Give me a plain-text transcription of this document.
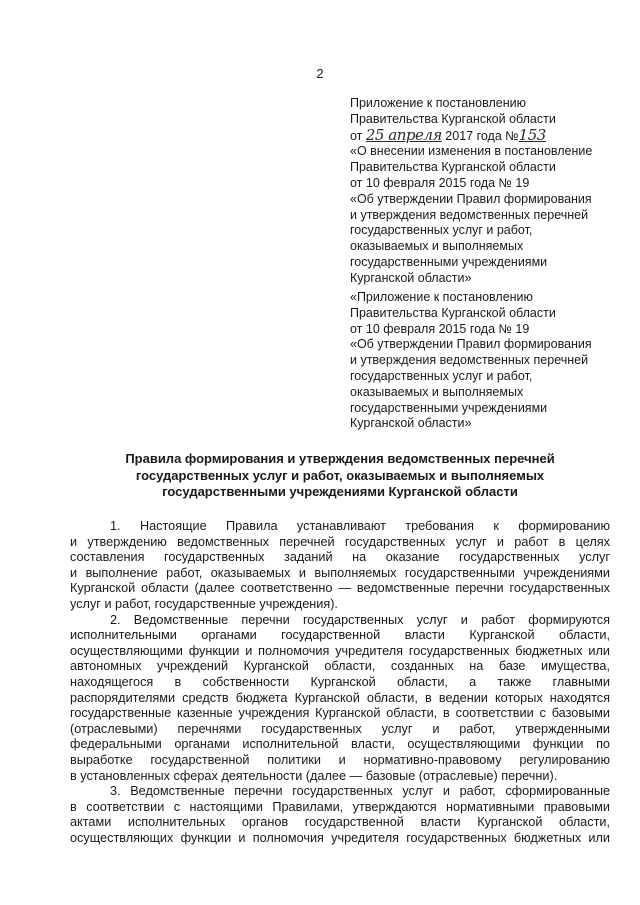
2
Приложение к постановлению
Правительства Курганской области
от 25 апреля 2017 года №153
«О внесении изменения в постановление
Правительства Курганской области
от 10 февраля 2015 года № 19
«Об утверждении Правил формирования
и утверждения ведомственных перечней
государственных услуг и работ,
оказываемых и выполняемых
государственными учреждениями
Курганской области»
«Приложение к постановлению
Правительства Курганской области
от 10 февраля 2015 года № 19
«Об утверждении Правил формирования
и утверждения ведомственных перечней
государственных услуг и работ,
оказываемых и выполняемых
государственными учреждениями
Курганской области»
Правила формирования и утверждения ведомственных перечней
государственных услуг и работ, оказываемых и выполняемых
государственными учреждениями Курганской области
1. Настоящие Правила устанавливают требования к формированию
и утверждению ведомственных перечней государственных услуг и работ в целях
составления государственных заданий на оказание государственных услуг
и выполнение работ, оказываемых и выполняемых государственными учреждениями
Курганской области (далее соответственно — ведомственные перечни государственных
услуг и работ, государственные учреждения).
2. Ведомственные перечни государственных услуг и работ формируются
исполнительными органами государственной власти Курганской области,
осуществляющими функции и полномочия учредителя государственных бюджетных или
автономных учреждений Курганской области, созданных на базе имущества,
находящегося в собственности Курганской области, а также главными
распорядителями средств бюджета Курганской области, в ведении которых находятся
государственные казенные учреждения Курганской области, в соответствии с базовыми
(отраслевыми) перечнями государственных услуг и работ, утвержденными
федеральными органами исполнительной власти, осуществляющими функции по
выработке государственной политики и нормативно-правовому регулированию
в установленных сферах деятельности (далее — базовые (отраслевые) перечни).
3. Ведомственные перечни государственных услуг и работ, сформированные
в соответствии с настоящими Правилами, утверждаются нормативными правовыми
актами исполнительных органов государственной власти Курганской области,
осуществляющих функции и полномочия учредителя государственных бюджетных или
